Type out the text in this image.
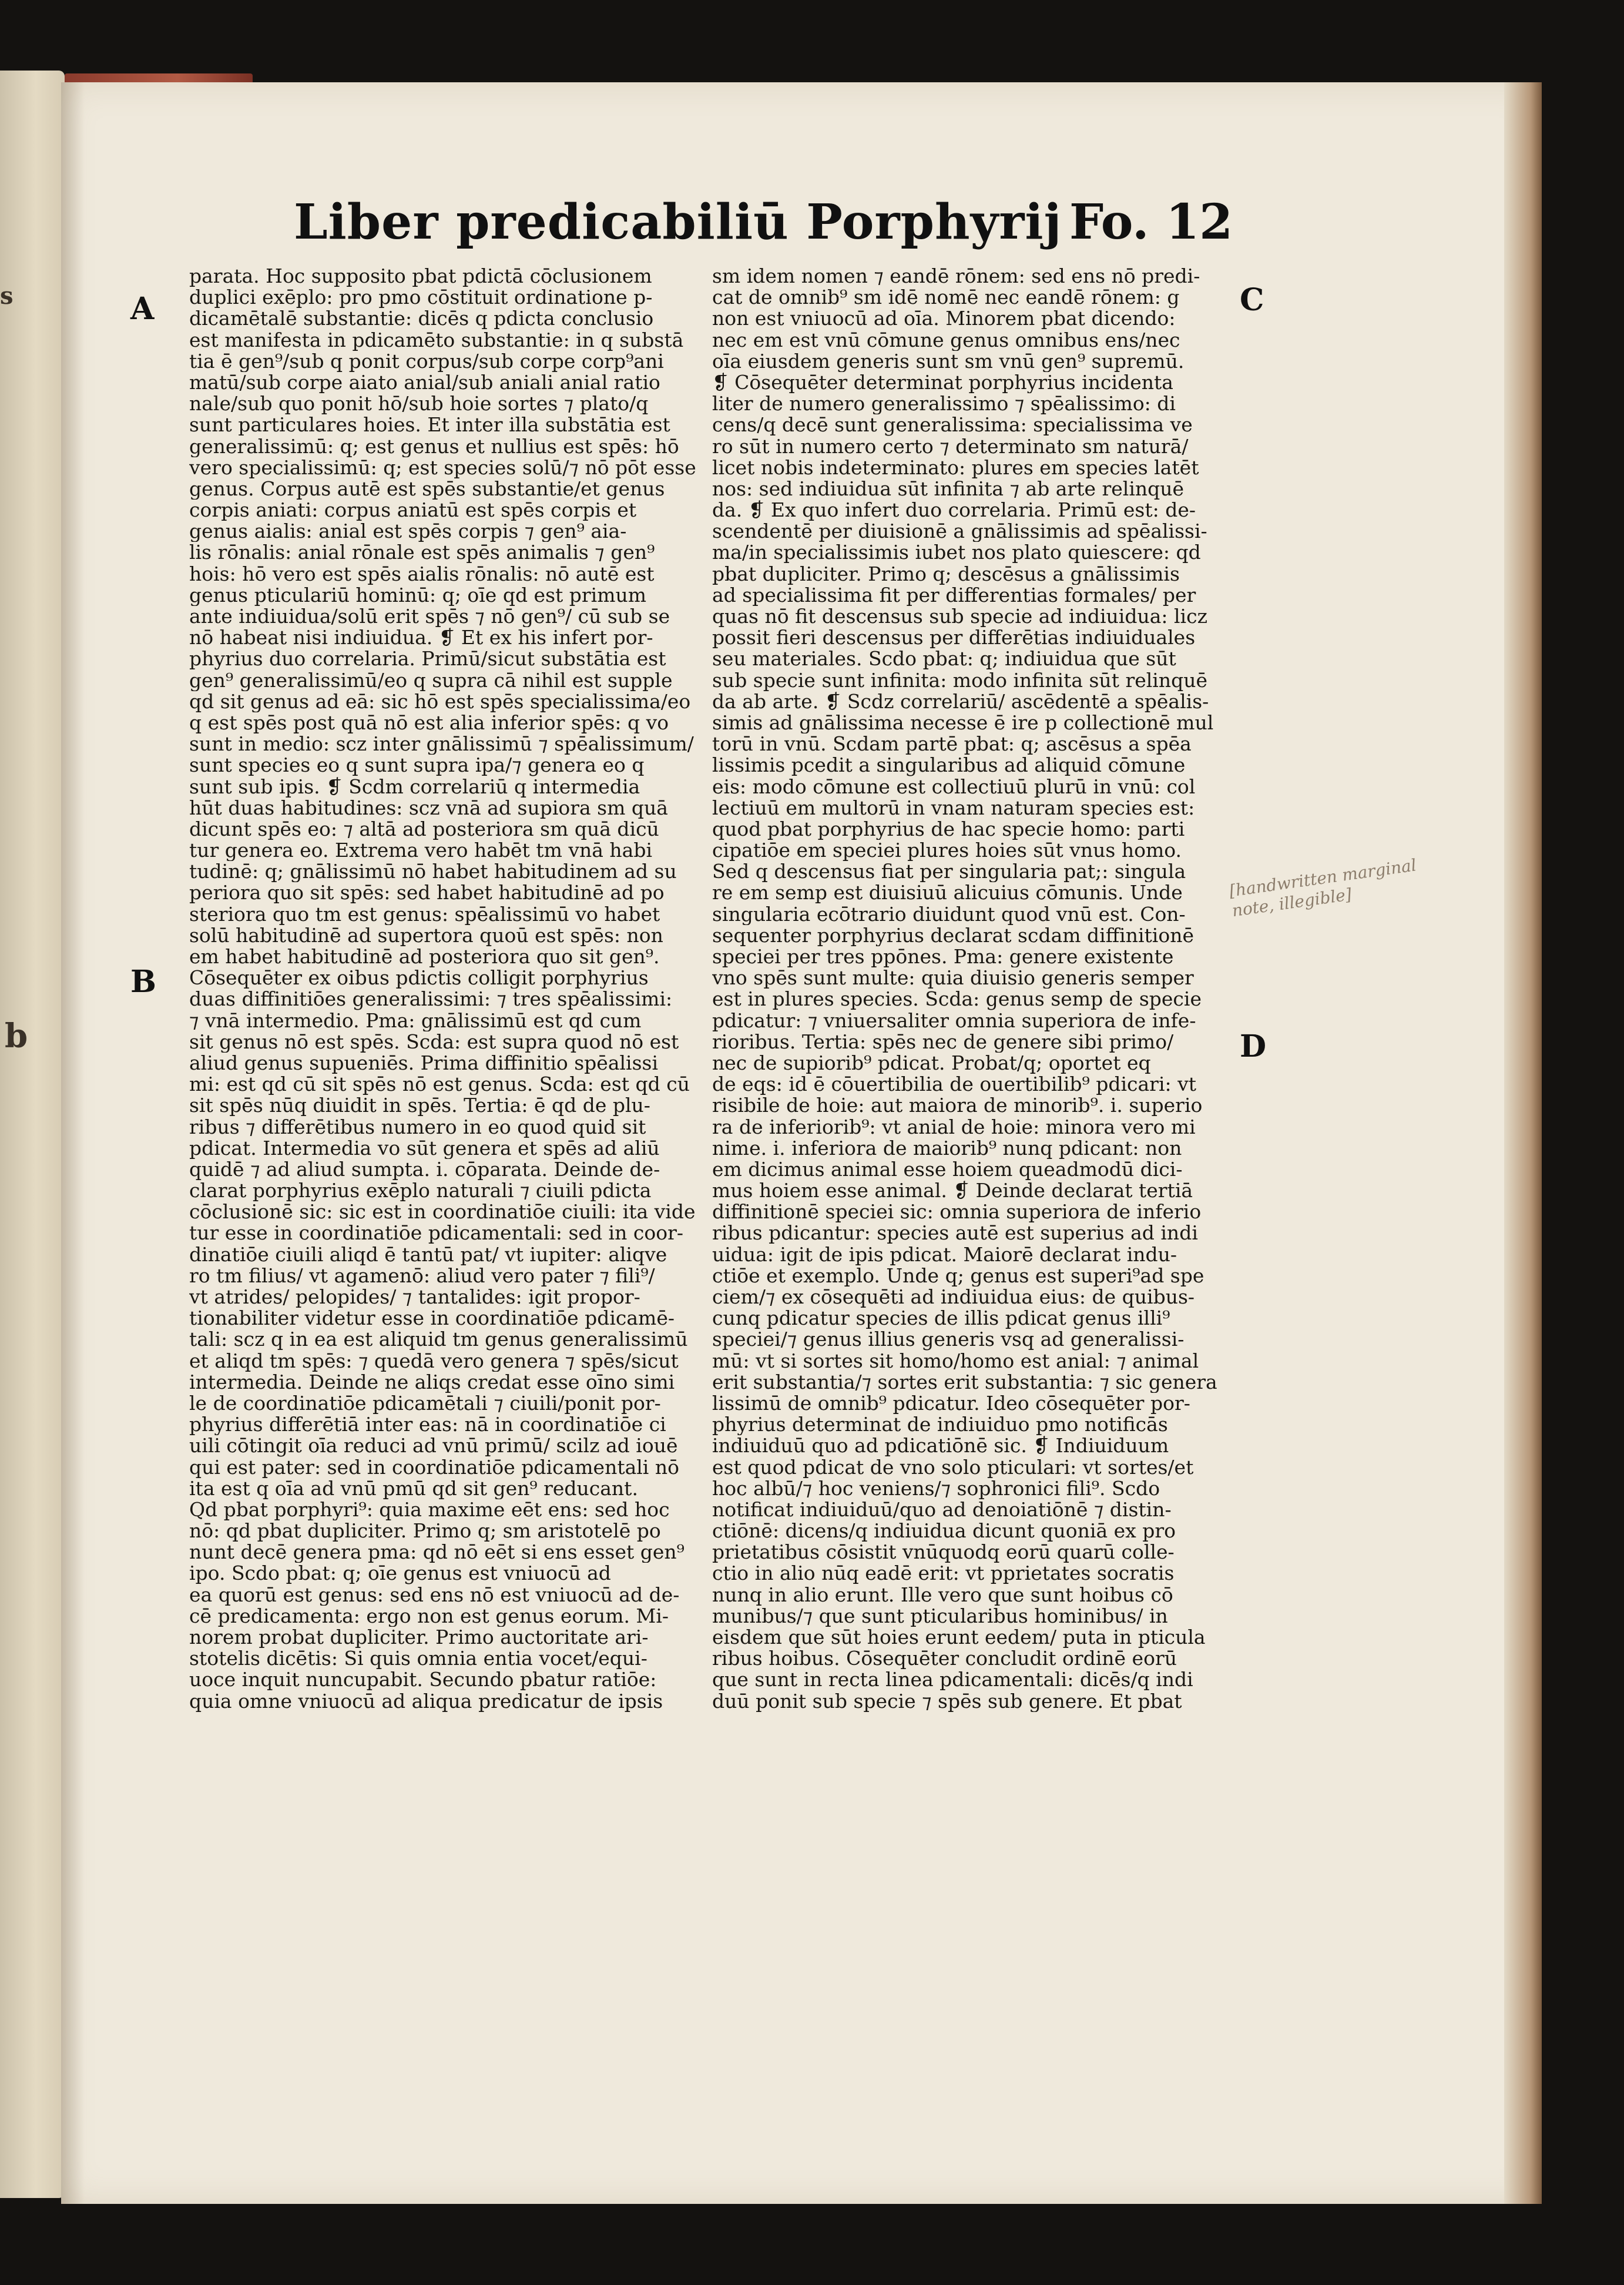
s
b
Liber predicabiliū Porphyrij Fo. 12
A
B
C
D
parata. Hoc supposito pbat pdictā cōclusionem
duplici exēplo: pro pmo cōstituit ordinatione p-
dicamētalē substantie: dicēs q pdicta conclusio
est manifesta in pdicamēto substantie: in q substā
tia ē gen⁹/sub q ponit corpus/sub corpe corp⁹ani
matū/sub corpe aiato anial/sub aniali anial ratio
nale/sub quo ponit hō/sub hoie sortes ⁊ plato/q
sunt particulares hoies. Et inter illa substātia est
generalissimū: q; est genus et nullius est spēs: hō
vero specialissimū: q; est species solū/⁊ nō pōt esse
genus. Corpus autē est spēs substantie/et genus
corpis aniati: corpus aniatū est spēs corpis et
genus aialis: anial est spēs corpis ⁊ gen⁹ aia-
lis rōnalis: anial rōnale est spēs animalis ⁊ gen⁹
hois: hō vero est spēs aialis rōnalis: nō autē est
genus pticulariū hominū: q; oīe qd est primum
ante indiuidua/solū erit spēs ⁊ nō gen⁹/ cū sub se
nō habeat nisi indiuidua. ❡ Et ex his infert por-
phyrius duo correlaria. Primū/sicut substātia est
gen⁹ generalissimū/eo q supra cā nihil est supple
qd sit genus ad eā: sic hō est spēs specialissima/eo
q est spēs post quā nō est alia inferior spēs: q vo
sunt in medio: scz inter gnālissimū ⁊ spēalissimum/
sunt species eo q sunt supra ipa/⁊ genera eo q
sunt sub ipis. ❡ Scdm correlariū q intermedia
hūt duas habitudines: scz vnā ad supiora sm quā
dicunt spēs eo: ⁊ altā ad posteriora sm quā dicū
tur genera eo. Extrema vero habēt tm vnā habi
tudinē: q; gnālissimū nō habet habitudinem ad su
periora quo sit spēs: sed habet habitudinē ad po
steriora quo tm est genus: spēalissimū vo habet
solū habitudinē ad supertora quoū est spēs: non
em habet habitudinē ad posteriora quo sit gen⁹.
Cōsequēter ex oibus pdictis colligit porphyrius
duas diffinitiōes generalissimi: ⁊ tres spēalissimi:
⁊ vnā intermedio. Pma: gnālissimū est qd cum
sit genus nō est spēs. Scda: est supra quod nō est
aliud genus supueniēs. Prima diffinitio spēalissi
mi: est qd cū sit spēs nō est genus. Scda: est qd cū
sit spēs nūq diuidit in spēs. Tertia: ē qd de plu-
ribus ⁊ differētibus numero in eo quod quid sit
pdicat. Intermedia vo sūt genera et spēs ad aliū
quidē ⁊ ad aliud sumpta. i. cōparata. Deinde de-
clarat porphyrius exēplo naturali ⁊ ciuili pdicta
cōclusionē sic: sic est in coordinatiōe ciuili: ita vide
tur esse in coordinatiōe pdicamentali: sed in coor-
dinatiōe ciuili aliqd ē tantū pat/ vt iupiter: aliqve
ro tm filius/ vt agamenō: aliud vero pater ⁊ fili⁹/
vt atrides/ pelopides/ ⁊ tantalides: igit propor-
tionabiliter videtur esse in coordinatiōe pdicamē-
tali: scz q in ea est aliquid tm genus generalissimū
et aliqd tm spēs: ⁊ quedā vero genera ⁊ spēs/sicut
intermedia. Deinde ne aliqs credat esse oīno simi
le de coordinatiōe pdicamētali ⁊ ciuili/ponit por-
phyrius differētiā inter eas: nā in coordinatiōe ci
uili cōtingit oīa reduci ad vnū primū/ scilz ad iouē
qui est pater: sed in coordinatiōe pdicamentali nō
ita est q oīa ad vnū pmū qd sit gen⁹ reducant.
Qd pbat porphyri⁹: quia maxime eēt ens: sed hoc
nō: qd pbat dupliciter. Primo q; sm aristotelē po
nunt decē genera pma: qd nō eēt si ens esset gen⁹
ipo. Scdo pbat: q; oīe genus est vniuocū ad
ea quorū est genus: sed ens nō est vniuocū ad de-
cē predicamenta: ergo non est genus eorum. Mi-
norem probat dupliciter. Primo auctoritate ari-
stotelis dicētis: Si quis omnia entia vocet/equi-
uoce inquit nuncupabit. Secundo pbatur ratiōe:
quia omne vniuocū ad aliqua predicatur de ipsis
sm idem nomen ⁊ eandē rōnem: sed ens nō predi-
cat de omnib⁹ sm idē nomē nec eandē rōnem: g
non est vniuocū ad oīa. Minorem pbat dicendo:
nec em est vnū cōmune genus omnibus ens/nec
oīa eiusdem generis sunt sm vnū gen⁹ supremū.
❡ Cōsequēter determinat porphyrius incidenta
liter de numero generalissimo ⁊ spēalissimo: di
cens/q decē sunt generalissima: specialissima ve
ro sūt in numero certo ⁊ determinato sm naturā/
licet nobis indeterminato: plures em species latēt
nos: sed indiuidua sūt infinita ⁊ ab arte relinquē
da. ❡ Ex quo infert duo correlaria. Primū est: de-
scendentē per diuisionē a gnālissimis ad spēalissi-
ma/in specialissimis iubet nos plato quiescere: qd
pbat dupliciter. Primo q; descēsus a gnālissimis
ad specialissima fit per differentias formales/ per
quas nō fit descensus sub specie ad indiuidua: licz
possit fieri descensus per differētias indiuiduales
seu materiales. Scdo pbat: q; indiuidua que sūt
sub specie sunt infinita: modo infinita sūt relinquē
da ab arte. ❡ Scdz correlariū/ ascēdentē a spēalis-
simis ad gnālissima necesse ē ire p collectionē mul
torū in vnū. Scdam partē pbat: q; ascēsus a spēa
lissimis pcedit a singularibus ad aliquid cōmune
eis: modo cōmune est collectiuū plurū in vnū: col
lectiuū em multorū in vnam naturam species est:
quod pbat porphyrius de hac specie homo: parti
cipatiōe em speciei plures hoies sūt vnus homo.
Sed q descensus fiat per singularia pat;: singula
re em semp est diuisiuū alicuius cōmunis. Unde
singularia ecōtrario diuidunt quod vnū est. Con-
sequenter porphyrius declarat scdam diffinitionē
speciei per tres ppōnes. Pma: genere existente
vno spēs sunt multe: quia diuisio generis semper
est in plures species. Scda: genus semp de specie
pdicatur: ⁊ vniuersaliter omnia superiora de infe-
rioribus. Tertia: spēs nec de genere sibi primo/
nec de supiorib⁹ pdicat. Probat/q; oportet eq
de eqs: id ē cōuertibilia de ouertibilib⁹ pdicari: vt
risibile de hoie: aut maiora de minorib⁹. i. superio
ra de inferiorib⁹: vt anial de hoie: minora vero mi
nime. i. inferiora de maiorib⁹ nunq pdicant: non
em dicimus animal esse hoiem queadmodū dici-
mus hoiem esse animal. ❡ Deinde declarat tertiā
diffinitionē speciei sic: omnia superiora de inferio
ribus pdicantur: species autē est superius ad indi
uidua: igit de ipis pdicat. Maiorē declarat indu-
ctiōe et exemplo. Unde q; genus est superi⁹ad spe
ciem/⁊ ex cōsequēti ad indiuidua eius: de quibus-
cunq pdicatur species de illis pdicat genus illi⁹
speciei/⁊ genus illius generis vsq ad generalissi-
mū: vt si sortes sit homo/homo est anial: ⁊ animal
erit substantia/⁊ sortes erit substantia: ⁊ sic genera
lissimū de omnib⁹ pdicatur. Ideo cōsequēter por-
phyrius determinat de indiuiduo pmo notificās
indiuiduū quo ad pdicatiōnē sic. ❡ Indiuiduum
est quod pdicat de vno solo pticulari: vt sortes/et
hoc albū/⁊ hoc veniens/⁊ sophronici fili⁹. Scdo
notificat indiuiduū/quo ad denoiatiōnē ⁊ distin-
ctiōnē: dicens/q indiuidua dicunt quoniā ex pro
prietatibus cōsistit vnūquodq eorū quarū colle-
ctio in alio nūq eadē erit: vt pprietates socratis
nunq in alio erunt. Ille vero que sunt hoibus cō
munibus/⁊ que sunt pticularibus hominibus/ in
eisdem que sūt hoies erunt eedem/ puta in pticula
ribus hoibus. Cōsequēter concludit ordinē eorū
que sunt in recta linea pdicamentali: dicēs/q indi
duū ponit sub specie ⁊ spēs sub genere. Et pbat
[handwritten marginal note, illegible]
